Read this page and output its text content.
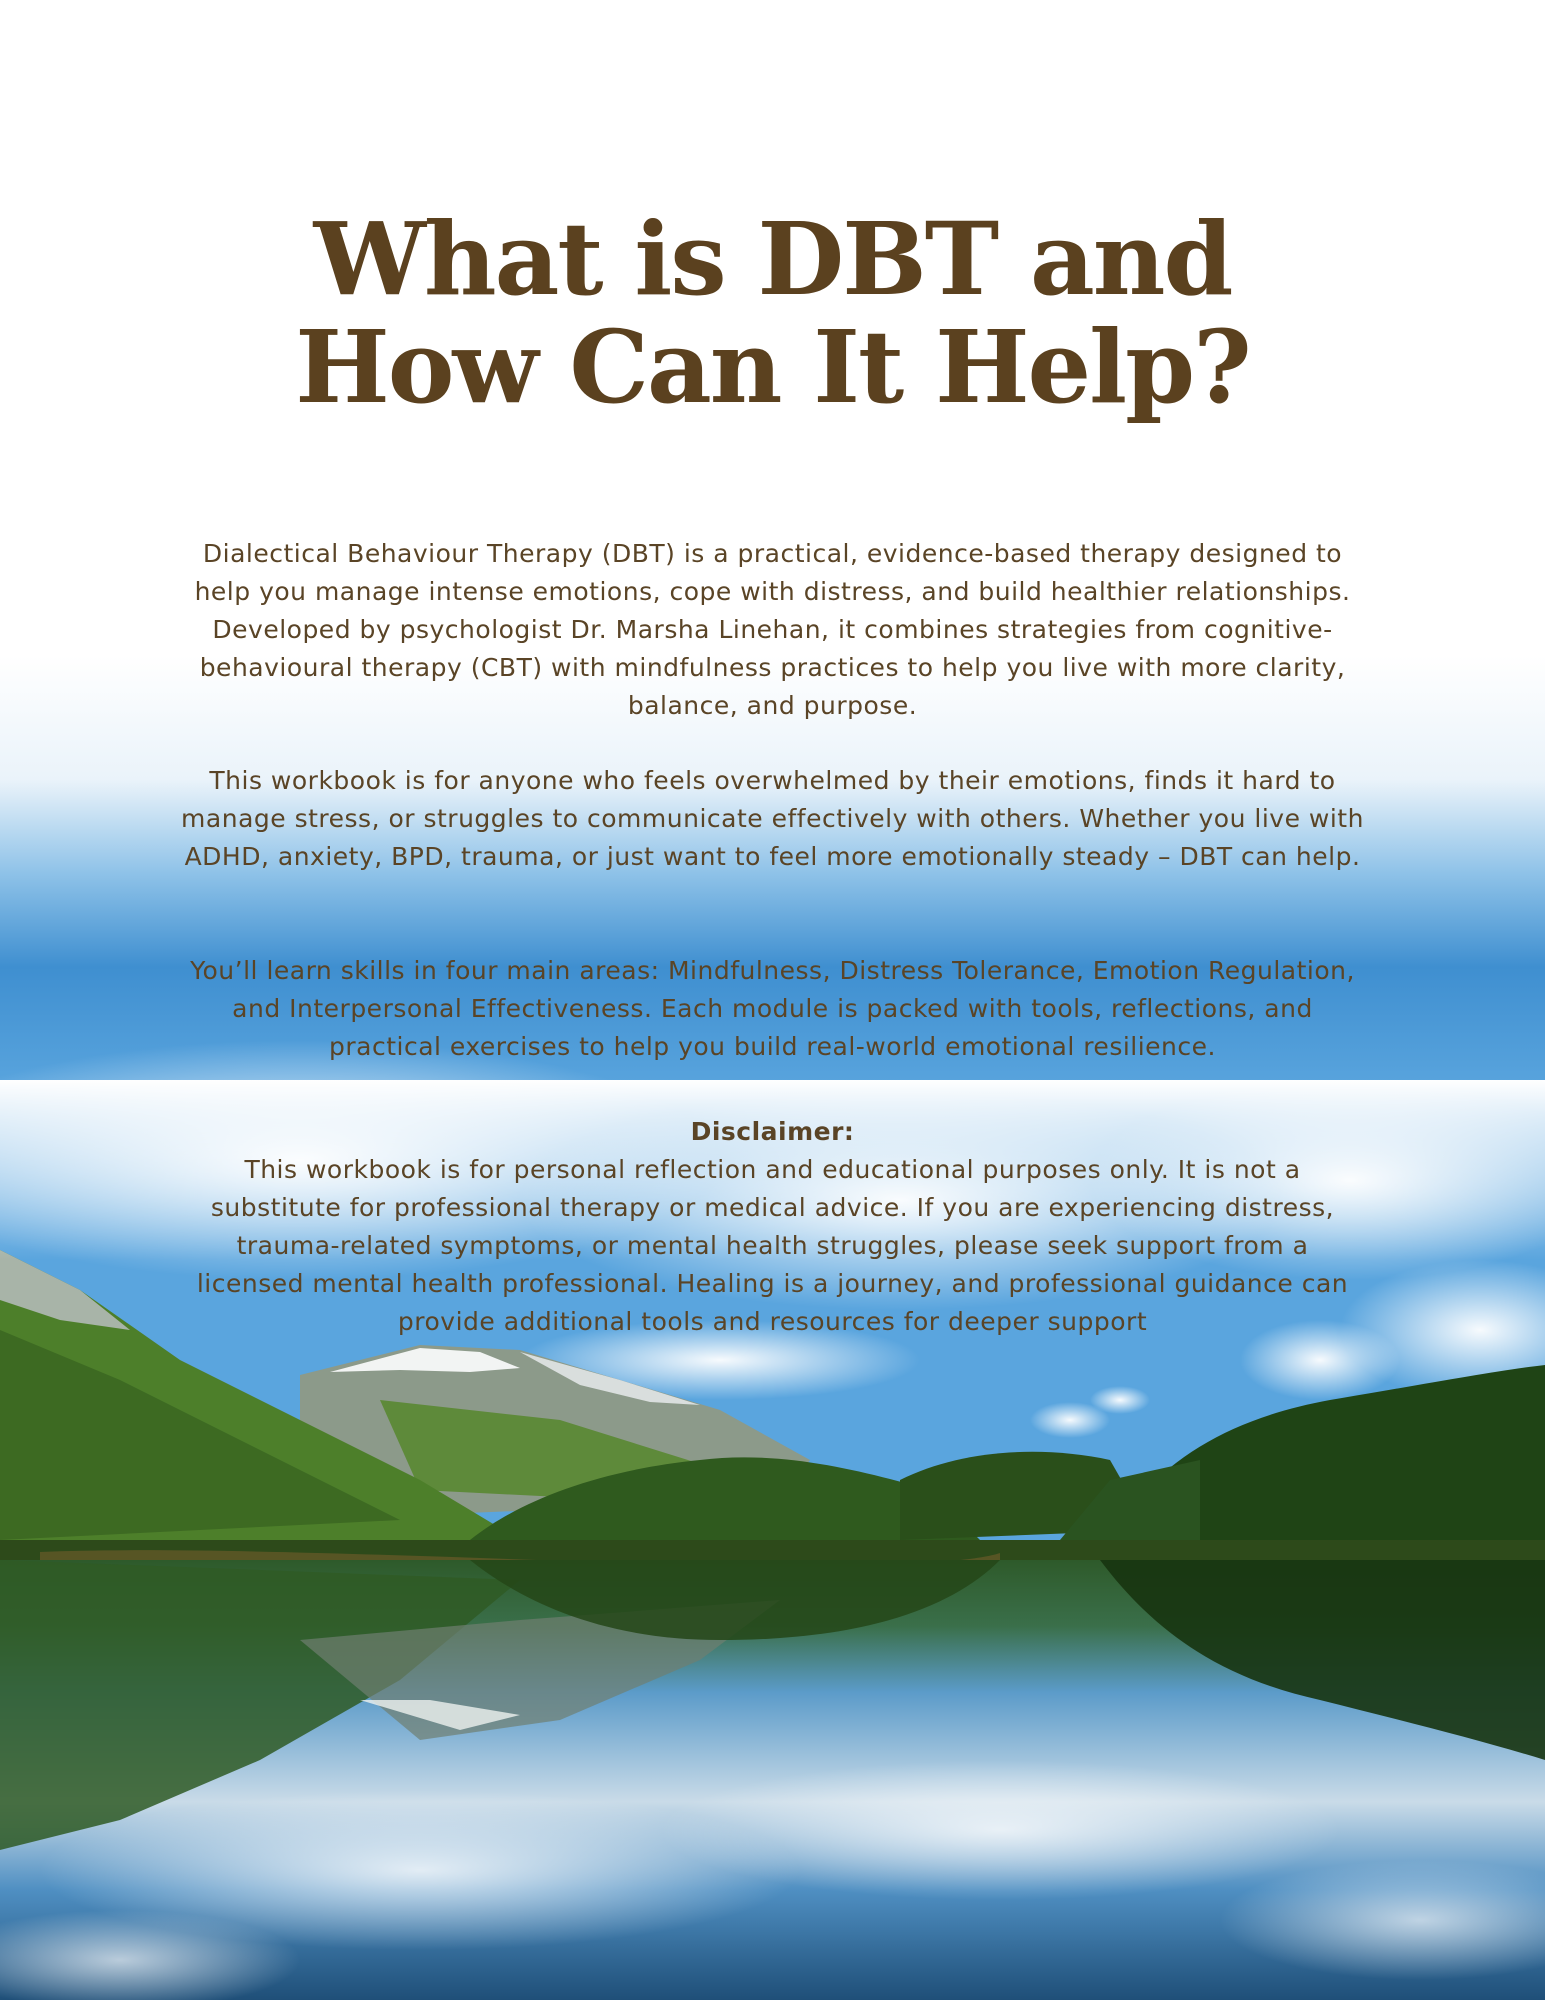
What is DBT and
How Can It Help?

Dialectical Behaviour Therapy (DBT) is a practical, evidence-based therapy designed to help you manage intense emotions, cope with distress, and build healthier relationships. Developed by psychologist Dr. Marsha Linehan, it combines strategies from cognitive-behavioural therapy (CBT) with mindfulness practices to help you live with more clarity, balance, and purpose.

This workbook is for anyone who feels overwhelmed by their emotions, finds it hard to manage stress, or struggles to communicate effectively with others. Whether you live with ADHD, anxiety, BPD, trauma, or just want to feel more emotionally steady – DBT can help.

You’ll learn skills in four main areas: Mindfulness, Distress Tolerance, Emotion Regulation, and Interpersonal Effectiveness. Each module is packed with tools, reflections, and practical exercises to help you build real-world emotional resilience.

Disclaimer:

This workbook is for personal reflection and educational purposes only. It is not a substitute for professional therapy or medical advice. If you are experiencing distress, trauma-related symptoms, or mental health struggles, please seek support from a licensed mental health professional. Healing is a journey, and professional guidance can provide additional tools and resources for deeper support
